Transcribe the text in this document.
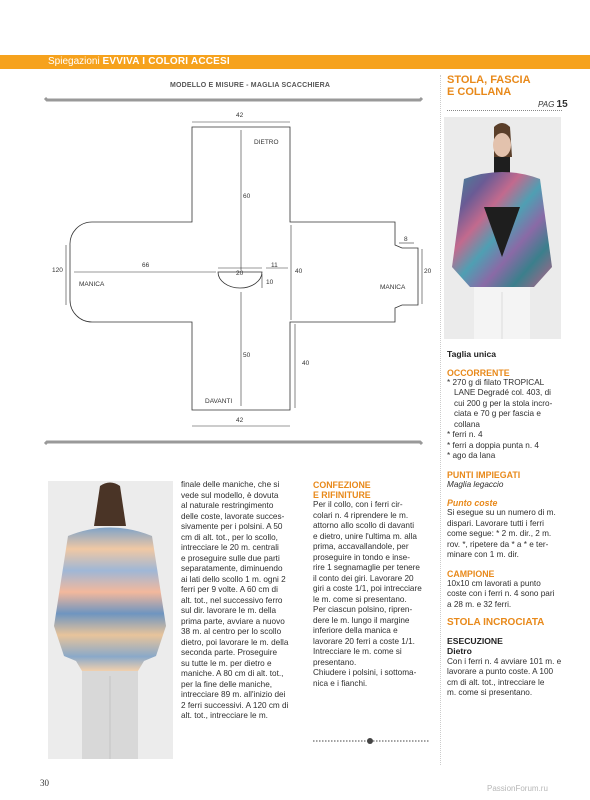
Spiegazioni EVVIVA I COLORI ACCESI
MODELLO E MISURE - MAGLIA SCACCHIERA
42
DIETRO
60
120
66
20
10
11
40
8
20
MANICA	MANICA
50
40
DAVANTI
42
STOLA, FASCIA
E COLLANA
PAG 15

Taglia unica

OCCORRENTE

* 270 g di filato TROPICAL

LANE Degradé col. 403, di

cui 200 g per la stola incro-

ciata e 70 g per fascia e

collana

* ferri n. 4

* ferri a doppia punta n. 4

* ago da lana

PUNTI IMPIEGATI

Maglia legaccio

Punto coste

Si esegue su un numero di m.

dispari. Lavorare tutti i ferri

come segue: * 2 m. dir., 2 m.

rov. *, ripetere da * a * e ter-

minare con 1 m. dir.

CAMPIONE

10x10 cm lavorati a punto

coste con i ferri n. 4 sono pari

a 28 m. e 32 ferri.

STOLA INCROCIATA

ESECUZIONE

Dietro

Con i ferri n. 4 avviare 101 m. e

lavorare a punto coste. A 100

cm di alt. tot., intrecciare le

m. come si presentano.

finale delle maniche, che si

vede sul modello, è dovuta

al naturale restringimento

delle coste, lavorate succes-

sivamente per i polsini. A 50

cm di alt. tot., per lo scollo,

intrecciare le 20 m. centrali

e proseguire sulle due parti

separatamente, diminuendo

ai lati dello scollo 1 m. ogni 2

ferri per 9 volte. A 60 cm di

alt. tot., nel successivo ferro

sul dir. lavorare le m. della

prima parte, avviare a nuovo

38 m. al centro per lo scollo

dietro, poi lavorare le m. della

seconda parte. Proseguire

su tutte le m. per dietro e

maniche. A 80 cm di alt. tot.,

per la fine delle maniche,

intrecciare 89 m. all'inizio dei

2 ferri successivi. A 120 cm di

alt. tot., intrecciare le m.

CONFEZIONE

E RIFINITURE

Per il collo, con i ferri cir-

colari n. 4 riprendere le m.

attorno allo scollo di davanti

e dietro, unire l'ultima m. alla

prima, accavallandole, per

proseguire in tondo e inse-

rire 1 segnamaglie per tenere

il conto dei giri. Lavorare 20

giri a coste 1/1, poi intrecciare

le m. come si presentano.

Per ciascun polsino, ripren-

dere le m. lungo il margine

inferiore della manica e

lavorare 20 ferri a coste 1/1.

Intrecciare le m. come si

presentano.

Chiudere i polsini, i sottoma-

nica e i fianchi.

30
PassionForum.ru
